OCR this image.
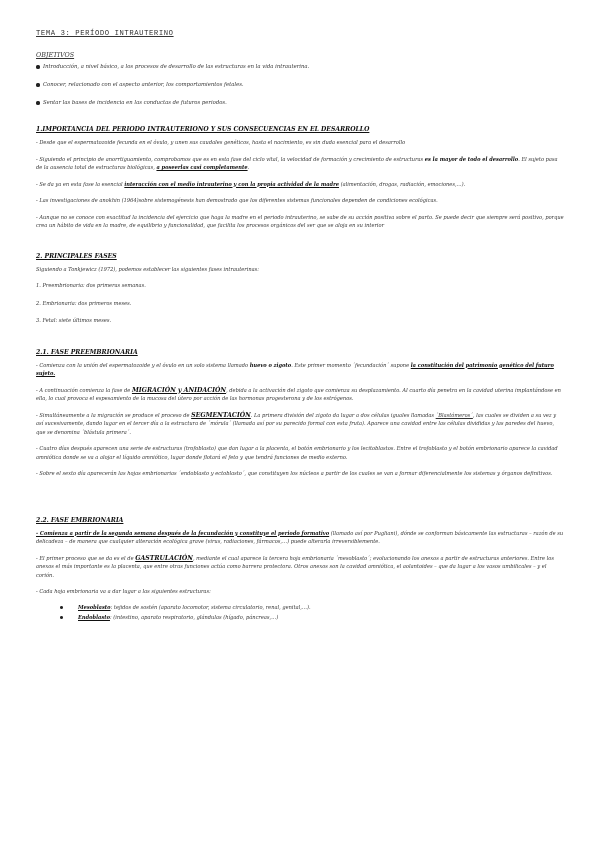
TEMA 3: PERÍODO INTRAUTERINO
OBJETIVOS
Introducción, a nivel básico, a los procesos de desarrollo de las estructuras en la vida intrauterina.
Conocer, relacionado con el aspecto anterior, los comportamientos fetales.
Sentar las bases de incidencia en las conductas de futuros periodos.
1.IMPORTANCIA DEL PERIODO INTRAUTERIONO Y SUS CONSECUENCIAS EN EL DESARROLLO

- Desde que el espermatozoide fecunda en el óvulo, y unen sus caudales genéticos, hasta el nacimiento, es sin duda esencial para el desarrollo

- Siguiendo el principio de anorrtiguamiento, comprobamos que es en esta fase del ciclo vital, la velocidad de formación y crecimiento de estructuras es la mayor de todo el desarrollo. El sujeto pasa de la ausencia total de estructuras biológicas, a poseerlas casi completamente.

- Se da ya en esta fase la esencial interacción con el medio intrauterino y con la propia actividad de la madre (alimentación, drogas, radiación, emociones,…).

- Las investigaciones de anokhin (1964)sobre sistemogénesis han demostrado que los diferentes sistemas funcionales dependen de condiciones ecológicas.

- Aunque no se conoce con exactitud la incidencia del ejercicio que haga la madre en el periodo intrauterino, se sabe de su acción positiva sobre el parto. Se puede decir que siempre será positivo, porque crea un hábito de vida en la madre, de equilibrio y funcionalidad, que facilita los procesos orgánicos del ser que se aloja en su interior

2. PRINCIPALES FASES

Siguiendo a Tonkjewicz (1972), podemos establecer las siguientes fases intrauterinas:

1. Preembrionaria: dos primeras semanas.

2. Embrionaria: dos primeros meses.

3. Fetal: siete últimos meses.

2.1. FASE PREEMBRIONARIA

- Comienza con la unión del espermatozoide y el óvulo en un solo sistema llamado huevo o zigoto. Este primer momento ´fecundación´ supone la constitución del patrimonio genético del futuro sujeto.

- A continuación comienza la fase de MIGRACIÓN y ANIDACIÓN, debida a la activación del zigoto que comienza su desplazamiento. Al cuarto día penetra en la cavidad uterina implantándose en ella, lo cual provoca el espesamiento de la mucosa del útero por acción de las hormonas progesterona y de los estrógenos.

- Simultáneamente a la migración se produce el proceso de SEGMENTACIÓN. La primera división del zigoto da lugar a dos células iguales llamadas ´Blastómeros´, las cuales se dividen a su vez y así sucesivamente, dando lugar en el tercer día a la estructura de ´mórula´ (llamada así por su parecido formal con esta fruta). Aparece una cavidad entre las células divididas y las paredes del huevo, que se denomina ´blástula primera´.

- Cuatro días después aparecen una serie de estructuras (trofoblasto) que dan lugar a la placenta, el botón embrionario y los lecitoblastos. Entre el trofoblasto y el botón embrionario aparece la cavidad amniótica donde se va a alojar el líquido amniótico, lugar donde flotará el feto y que tendrá funciones de medio externo.

- Sobre el sexto día aparecerán las hojas embrionarias ´endoblasto y ectoblasto´, que constituyen los núcleos a partir de los cuales se van a formar diferencialmente los sistemas y órganos definitivos.

2.2. FASE EMBRIONARIA

- Comienza a partir de la segunda semana después de la fecundación y constituye el periodo formativo (llamado así por Pugliani), dónde se conforman básicamente las estructuras – razón de su delicadeza – de manera que cualquier alteración ecológica grave (virus, radiaciones, fármacos,…) puede alterarla irreversiblemente.

- El primer proceso que se da es el de GASTRULACIÓN, mediante el cual aparece la tercera hoja embrionaria ´mesoblasto´; evolucionando los anexos a partir de estructuras anteriores. Entre los anexos el más importante es la placenta, que entre otras funciones actúa como barrera protectora. Otros anexos son la cavidad amniótica, el aolantoides – que da lugar a los vasos umbilicales – y el corión.

- Cada hoja embrionaria va a dar lugar a las siguientes estructuras:

Mesoblasto: tejidos de sostén (aparato locomotor, sistema circulatorio, renal, genital,…).
Endoblasto: (intestino, aparato respiratorio, glándulas (hígado, páncreas,…)
